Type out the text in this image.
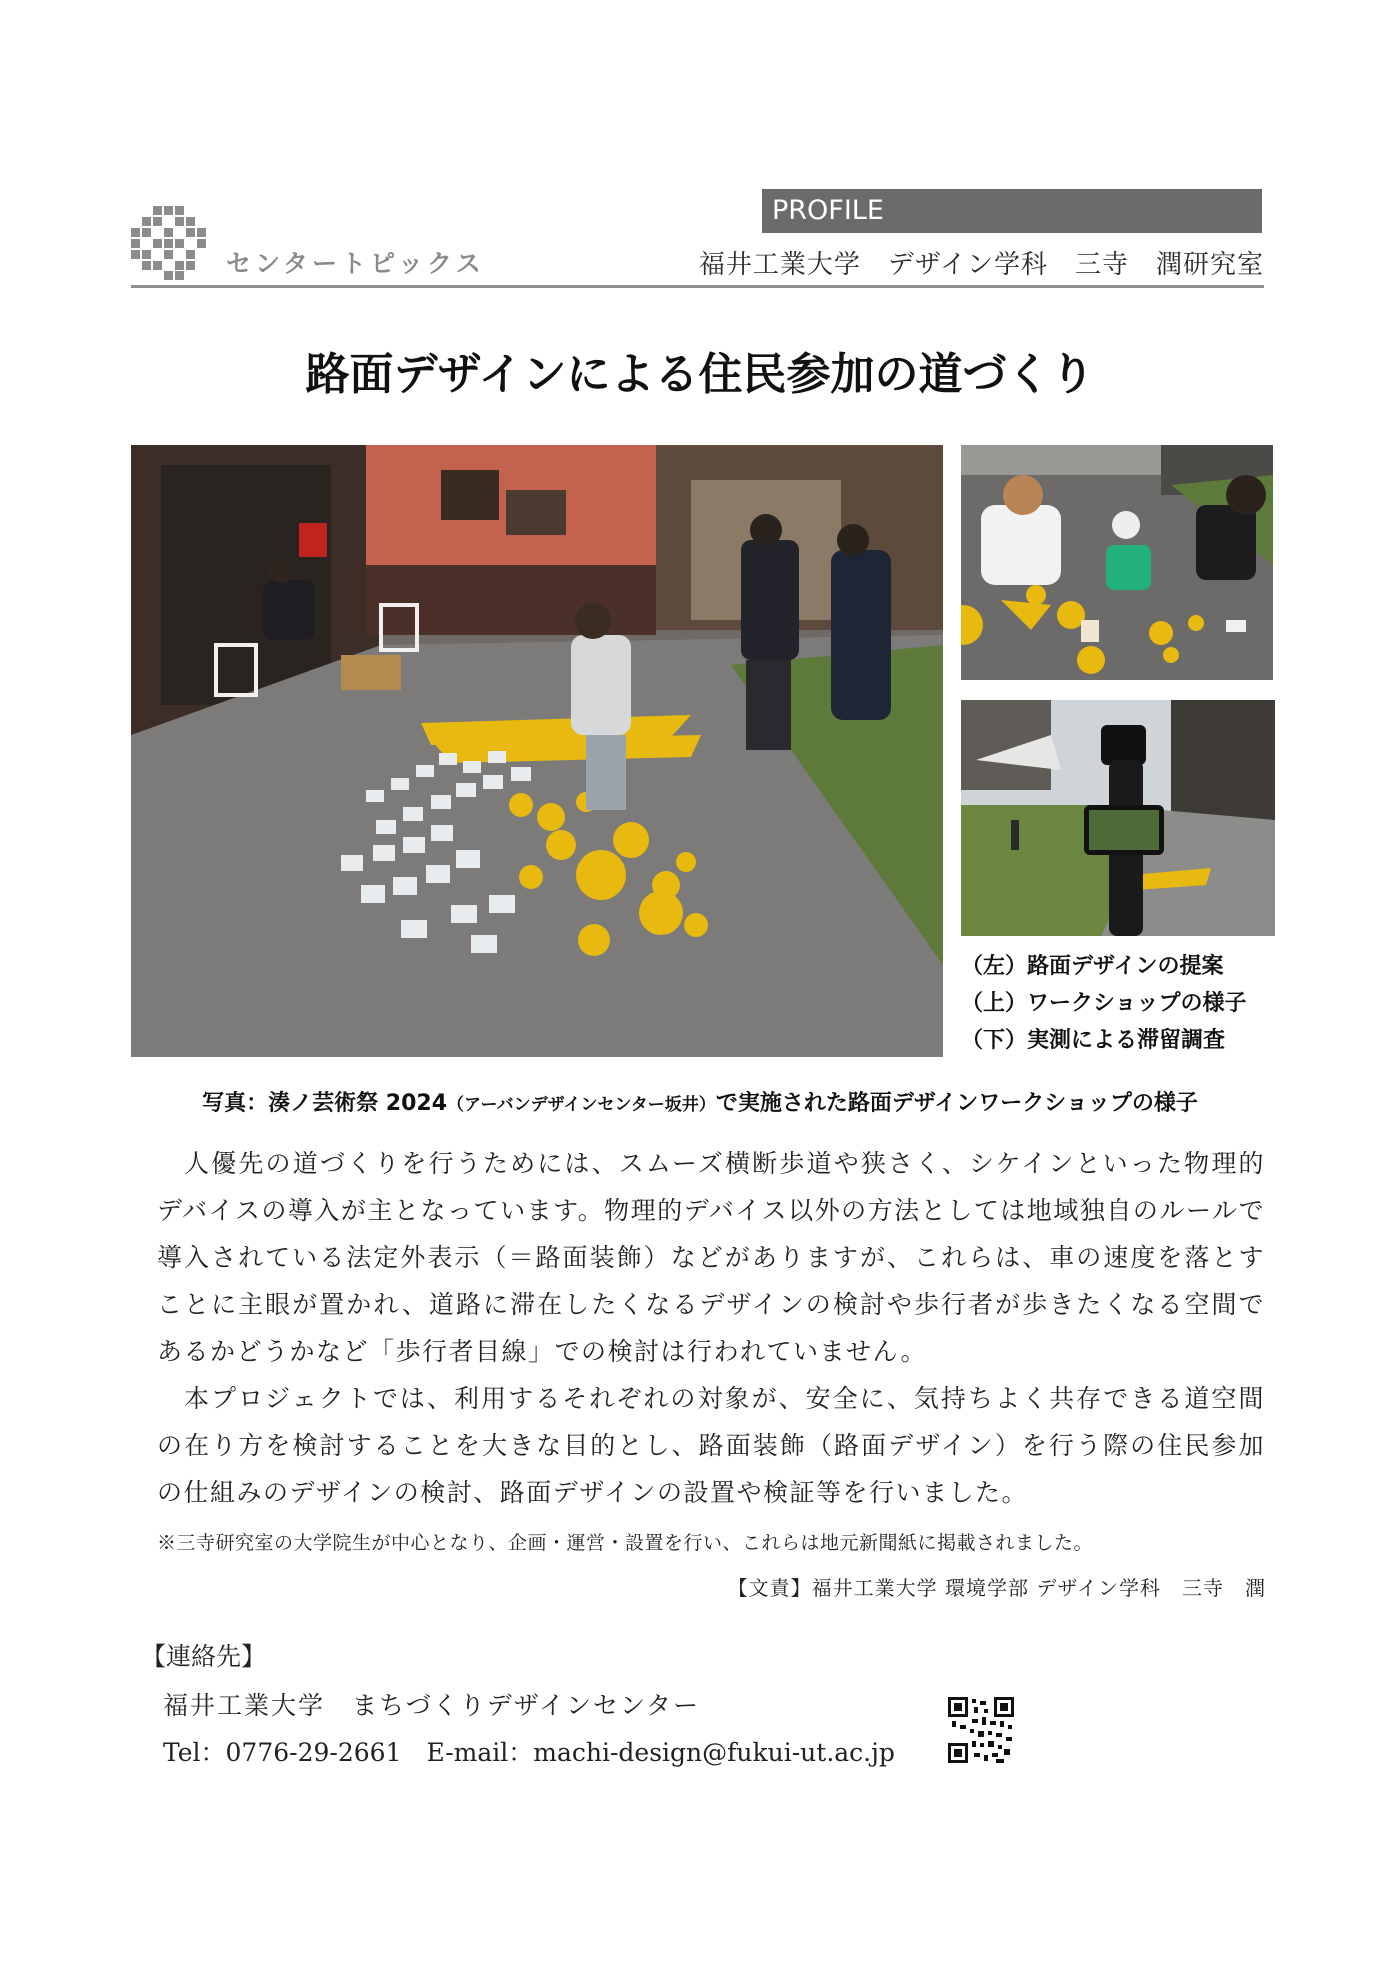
センタートピックス
PROFILE
福井工業大学　デザイン学科　三寺　潤研究室
路面デザインによる住民参加の道づくり
（左）路面デザインの提案
（上）ワークショップの様子
（下）実測による滞留調査
写真：湊ノ芸術祭 2024（アーバンデザインセンター坂井）で実施された路面デザインワークショップの様子

人優先の道づくりを行うためには、スムーズ横断歩道や狭さく、シケインといった物理的デバイスの導入が主となっています。物理的デバイス以外の方法としては地域独自のルールで導入されている法定外表示（＝路面装飾）などがありますが、これらは、車の速度を落とすことに主眼が置かれ、道路に滞在したくなるデザインの検討や歩行者が歩きたくなる空間であるかどうかなど「歩行者目線」での検討は行われていません。

本プロジェクトでは、利用するそれぞれの対象が、安全に、気持ちよく共存できる道空間の在り方を検討することを大きな目的とし、路面装飾（路面デザイン）を行う際の住民参加の仕組みのデザインの検討、路面デザインの設置や検証等を行いました。

※三寺研究室の大学院生が中心となり、企画・運営・設置を行い、これらは地元新聞紙に掲載されました。
【文責】福井工業大学 環境学部 デザイン学科　三寺　潤
【連絡先】
福井工業大学　まちづくりデザインセンター
Tel：0776-29-2661　E-mail：machi-design@fukui-ut.ac.jp
